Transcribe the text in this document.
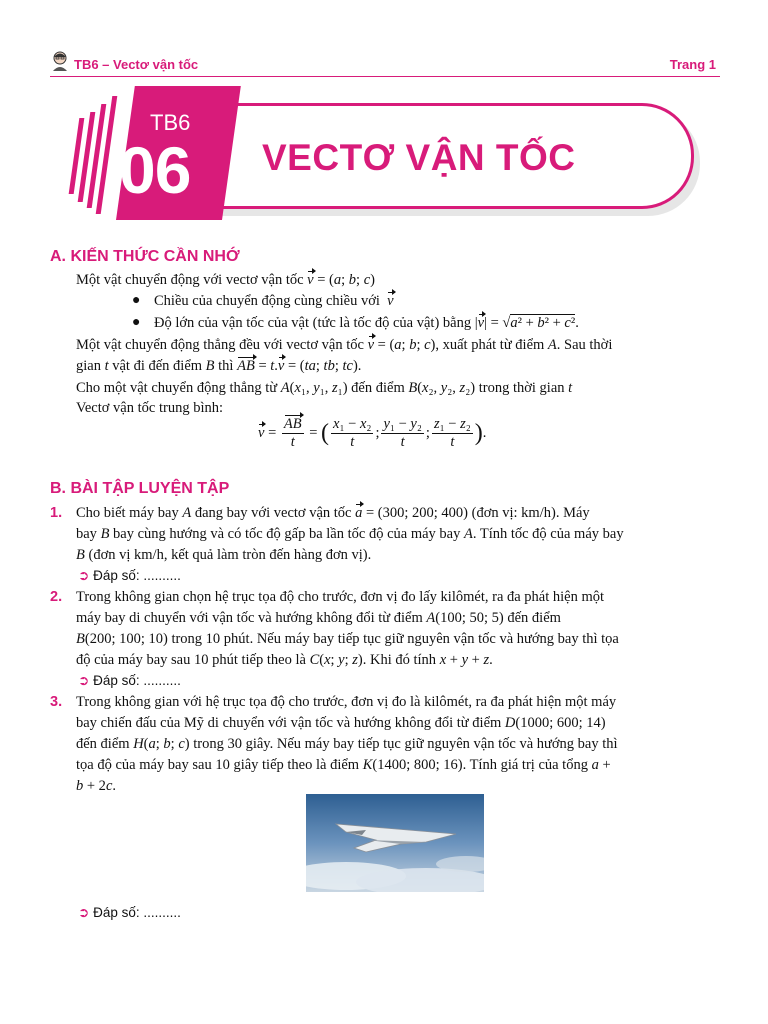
TB6 – Vectơ vận tốc	Trang 1
TB6
06 VECTƠ VẬN TỐC
A. KIẾN THỨC CẦN NHỚ
Một vật chuyển động với vectơ vận tốc v = (a; b; c)
● Chiều của chuyển động cùng chiều với  v
● Độ lớn của vận tốc của vật (tức là tốc độ của vật) bằng |v| = √a² + b² + c².
Một vật chuyển động thẳng đều với vectơ vận tốc v = (a; b; c), xuất phát từ điểm A. Sau thời
gian t vật đi đến điểm B thì AB = t.v = (ta; tb; tc).
Cho một vật chuyển động thẳng từ A(x₁, y₁, z₁) đến điểm B(x₂, y₂, z₂) trong thời gian t
Vectơ vận tốc trung bình:
$v = \frac{AB}{t}$ = ( $\frac{\text{x₁ − x₂}}{t}$ ; $\frac{\text{y₁ − y₂}}{t}$ ; $\frac{\text{z₁ − z₂}}{t}$ ).
B. BÀI TẬP LUYỆN TẬP
1. Cho biết máy bay A đang bay với vectơ vận tốc a = (300; 200; 400) (đơn vị: km/h). Máy
bay B bay cùng hướng và có tốc độ gấp ba lần tốc độ của máy bay A. Tính tốc độ của máy bay
B (đơn vị km/h, kết quả làm tròn đến hàng đơn vị).
➲ Đáp số: ..........
2. Trong không gian chọn hệ trục tọa độ cho trước, đơn vị đo lấy kilômét, ra đa phát hiện một
máy bay di chuyển với vận tốc và hướng không đổi từ điểm A(100; 50; 5) đến điểm
B(200; 100; 10) trong 10 phút. Nếu máy bay tiếp tục giữ nguyên vận tốc và hướng bay thì tọa
độ của máy bay sau 10 phút tiếp theo là C(x; y; z). Khi đó tính x + y + z.
➲ Đáp số: ..........
3. Trong không gian với hệ trục tọa độ cho trước, đơn vị đo là kilômét, ra đa phát hiện một máy
bay chiến đấu của Mỹ di chuyển với vận tốc và hướng không đổi từ điểm D(1000; 600; 14)
đến điểm H(a; b; c) trong 30 giây. Nếu máy bay tiếp tục giữ nguyên vận tốc và hướng bay thì
tọa độ của máy bay sau 10 giây tiếp theo là điểm K(1400; 800; 16). Tính giá trị của tổng a +
b + 2c.
➲ Đáp số: ..........
